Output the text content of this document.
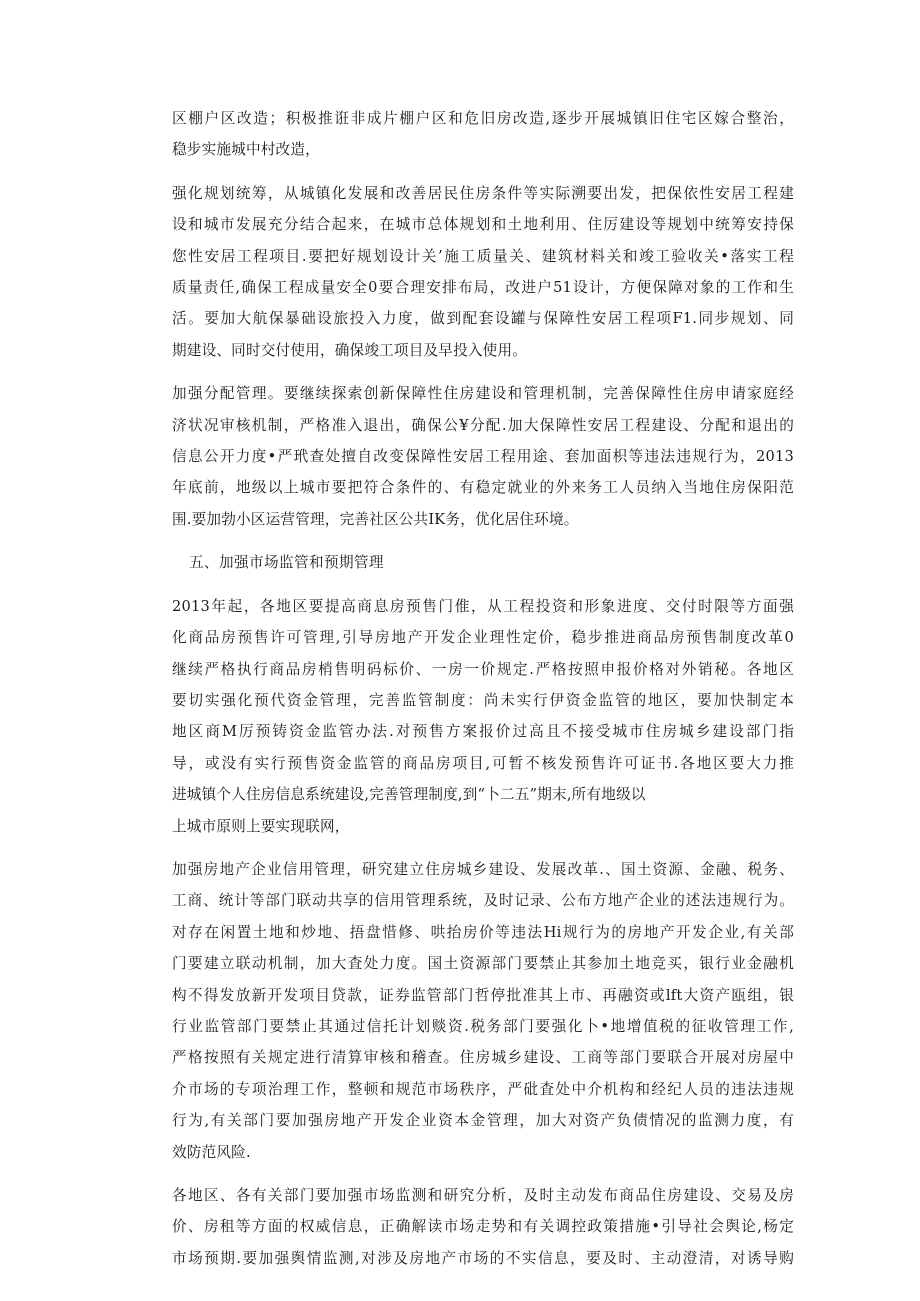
区棚户区改造；积极推诳非成片棚户区和危旧房改造,逐步开展城镇旧住宅区嫁合整治，
稳步实施城中村改造，

强化规划统筹，从城镇化发展和改善居民住房条件等实际溯要出发，把保依性安居工程建
设和城市发展充分结合起来，在城市总体规划和土地利用、住厉建设等规划中统筹安持保
您性安居工程项目.要把好规划设计关’施工质量关、建筑材料关和竣工验收关•落实工程
质量责任,确保工程成量安全0要合理安排布局，改进户51设计，方便保障对象的工作和生
活。要加大航保暴础设旅投入力度，做到配套设罐与保障性安居工程项F1.同步规划、同
期建设、同时交付使用，确保竣工项目及早投入使用。

加强分配管理。要继续探索创新保障性住房建设和管理机制，完善保障性住房申请家庭经
济状况审核机制，严格准入退出，确保公¥分配.加大保障性安居工程建设、分配和退出的
信息公开力度•严玳查处擅自改变保障性安居工程用途、套加面枳等违法违规行为，2013
年底前，地级以上城市要把符合条件的、有稳定就业的外来务工人员纳入当地住房保阳范
围.要加勃小区运营管理，完善社区公共IK务，优化居住环境。

五、加强市场监管和预期管理

2013年起，各地区要提高商息房预售门倠，从工程投资和形象进度、交付时限等方面强
化商品房预售许可管理,引导房地产开发企业理性定价，稳步推进商品房预售制度改革0
继续严格执行商品房梢售明码标价、一房一价规定.严格按照申报价格对外销秘。各地区
要切实强化预代资金管理，完善监管制度：尚未实行伊资金监管的地区，要加快制定本
地区商M厉预铸资金监管办法.对预售方案报价过高且不接受城市住房城乡建设部门指
导，或没有实行预售资金监管的商品房项目,可暂不核发预售许可证书.各地区要大力推
进城镇个人住房信息系统建设,完善管理制度,到“卜二五”期末,所有地级以
上城市原则上要实现联网，

加强房地产企业信用管理，研究建立住房城乡建设、发展改革.、国土资源、金融、税务、
工商、统计等部门联动共享的信用管理系统，及时记录、公布方地产企业的述法违规行为。
对存在闲置土地和炒地、捂盘惜修、哄抬房价等违法Hi规行为的房地产开发企业,有关部
门要建立联动机制，加大査处力度。国土资源部门要禁止其参加土地竞买，银行业金融机
构不得发放新开发项目贷款，证券监管部门哲停批准其上市、再融资或lft大资产瓯组，银
行业监管部门要禁止其通过信托计划赕资.税务部门要强化卜•地增值税的征收管理工作,
严格按照有关规定进行清算审核和稽查。住房城乡建设、工商等部门要联合开展对房屋中
介市场的专项治理工作，整顿和规范市场秩序，严砒査处中介机构和经纪人员的违法违规
行为,有关部门要加强房地产开发企业资本金管理，加大对资产负债情况的监测力度，有
效防范风险.

各地区、各有关部门要加强市场监测和研究分析，及时主动发布商品住房建设、交易及房
价、房租等方面的权威信息，正确解读市场走势和有关调控政策措施•引导社会舆论,杨定
市场预期.要加强舆情监测,对涉及房地产市场的不实信息，要及时、主动澄清，对诱导购
